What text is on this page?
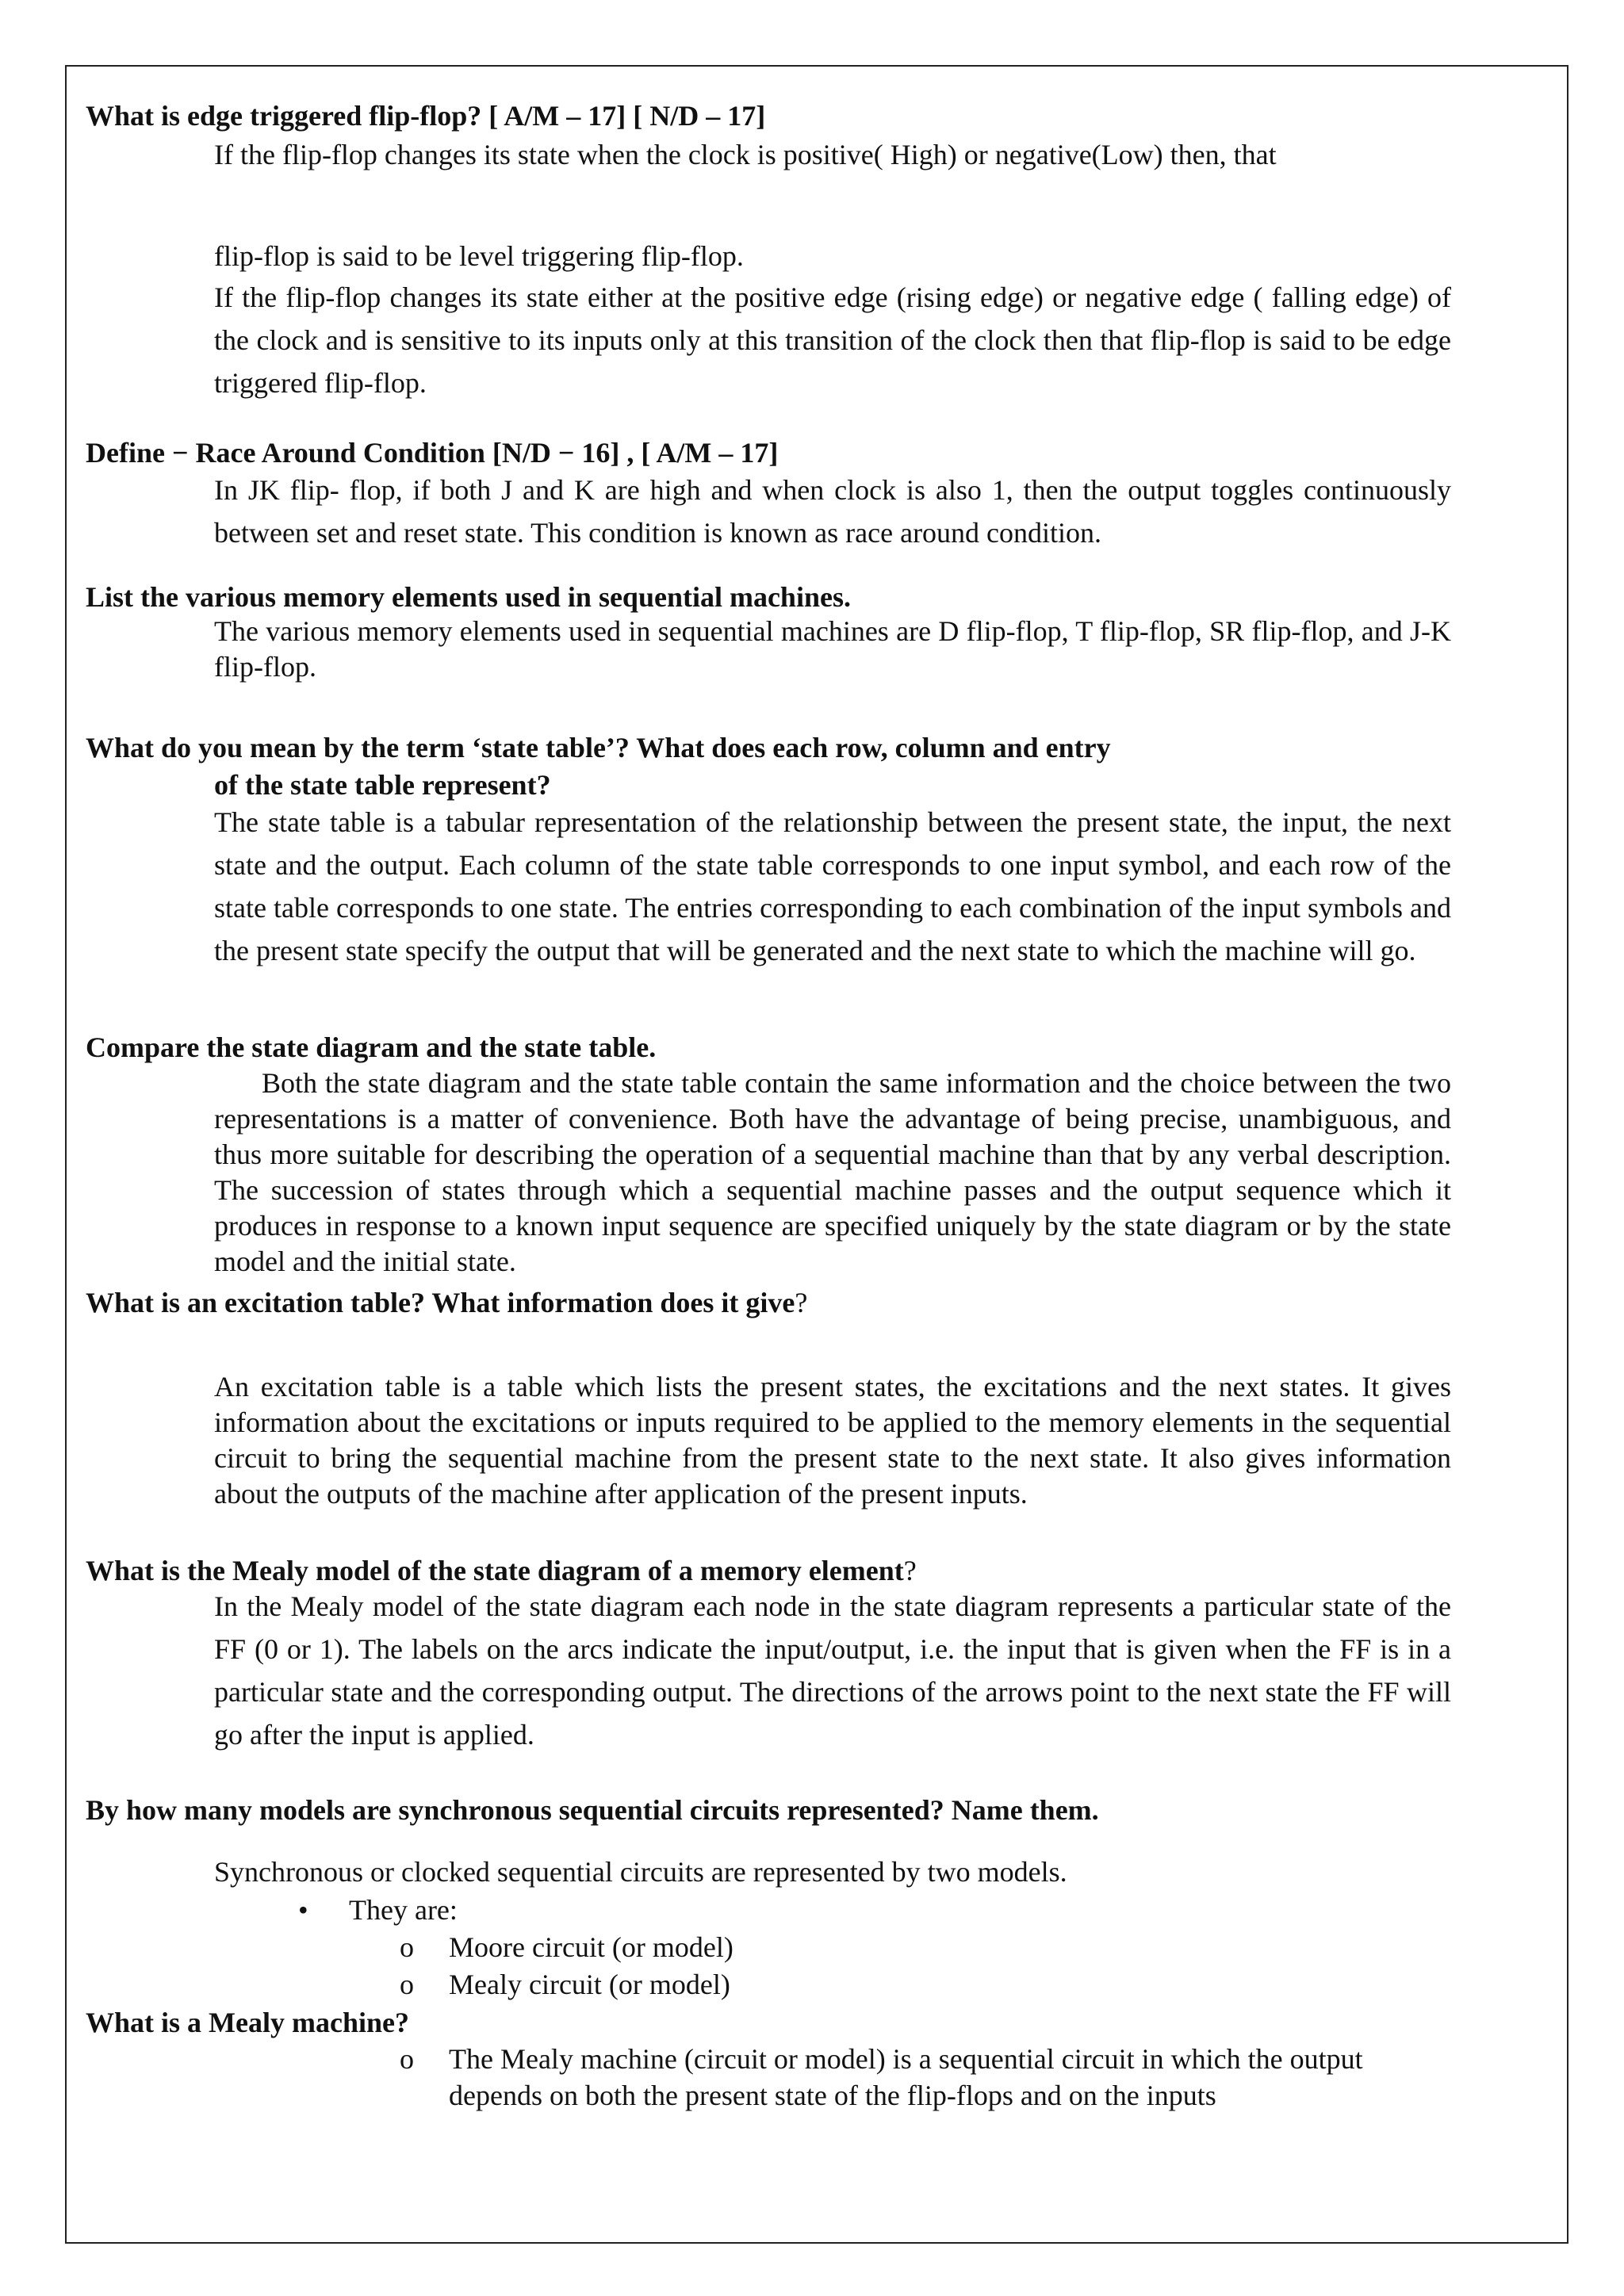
What is edge triggered flip-flop? [ A/M – 17] [ N/D – 17]

If the flip-flop changes its state when the clock is positive( High) or negative(Low) then, that

flip-flop is said to be level triggering flip-flop.

If the flip-flop changes its state either at the positive edge (rising edge) or negative edge ( falling edge) of the clock and is sensitive to its inputs only at this transition of the clock then that flip-flop is said to be edge triggered flip-flop.

Define − Race Around Condition [N/D − 16] , [ A/M – 17]

In JK flip- flop, if both J and K are high and when clock is also 1, then the output toggles continuously between set and reset state. This condition is known as race around condition.

List the various memory elements used in sequential machines.

The various memory elements used in sequential machines are D flip-flop, T flip-flop, SR flip-flop, and J-K flip-flop.

What do you mean by the term ‘state table’? What does each row, column and entry

of the state table represent?

The state table is a tabular representation of the relationship between the present state, the input, the next state and the output. Each column of the state table corresponds to one input symbol, and each row of the state table corresponds to one state. The entries corresponding to each combination of the input symbols and the present state specify the output that will be generated and the next state to which the machine will go.

Compare the state diagram and the state table.

Both the state diagram and the state table contain the same information and the choice between the two representations is a matter of convenience. Both have the advantage of being precise, unambiguous, and thus more suitable for describing the operation of a sequential machine than that by any verbal description. The succession of states through which a sequential machine passes and the output sequence which it produces in response to a known input sequence are specified uniquely by the state diagram or by the state model and the initial state.

What is an excitation table? What information does it give?

An excitation table is a table which lists the present states, the excitations and the next states. It gives information about the excitations or inputs required to be applied to the memory elements in the sequential circuit to bring the sequential machine from the present state to the next state. It also gives information about the outputs of the machine after application of the present inputs.

What is the Mealy model of the state diagram of a memory element?

In the Mealy model of the state diagram each node in the state diagram represents a particular state of the FF (0 or 1). The labels on the arcs indicate the input/output, i.e. the input that is given when the FF is in a particular state and the corresponding output. The directions of the arrows point to the next state the FF will go after the input is applied.

By how many models are synchronous sequential circuits represented? Name them.

Synchronous or clocked sequential circuits are represented by two models.

• They are:

o Moore circuit (or model)

o Mealy circuit (or model)

What is a Mealy machine?

o The Mealy machine (circuit or model) is a sequential circuit in which the output depends on both the present state of the flip-flops and on the inputs
